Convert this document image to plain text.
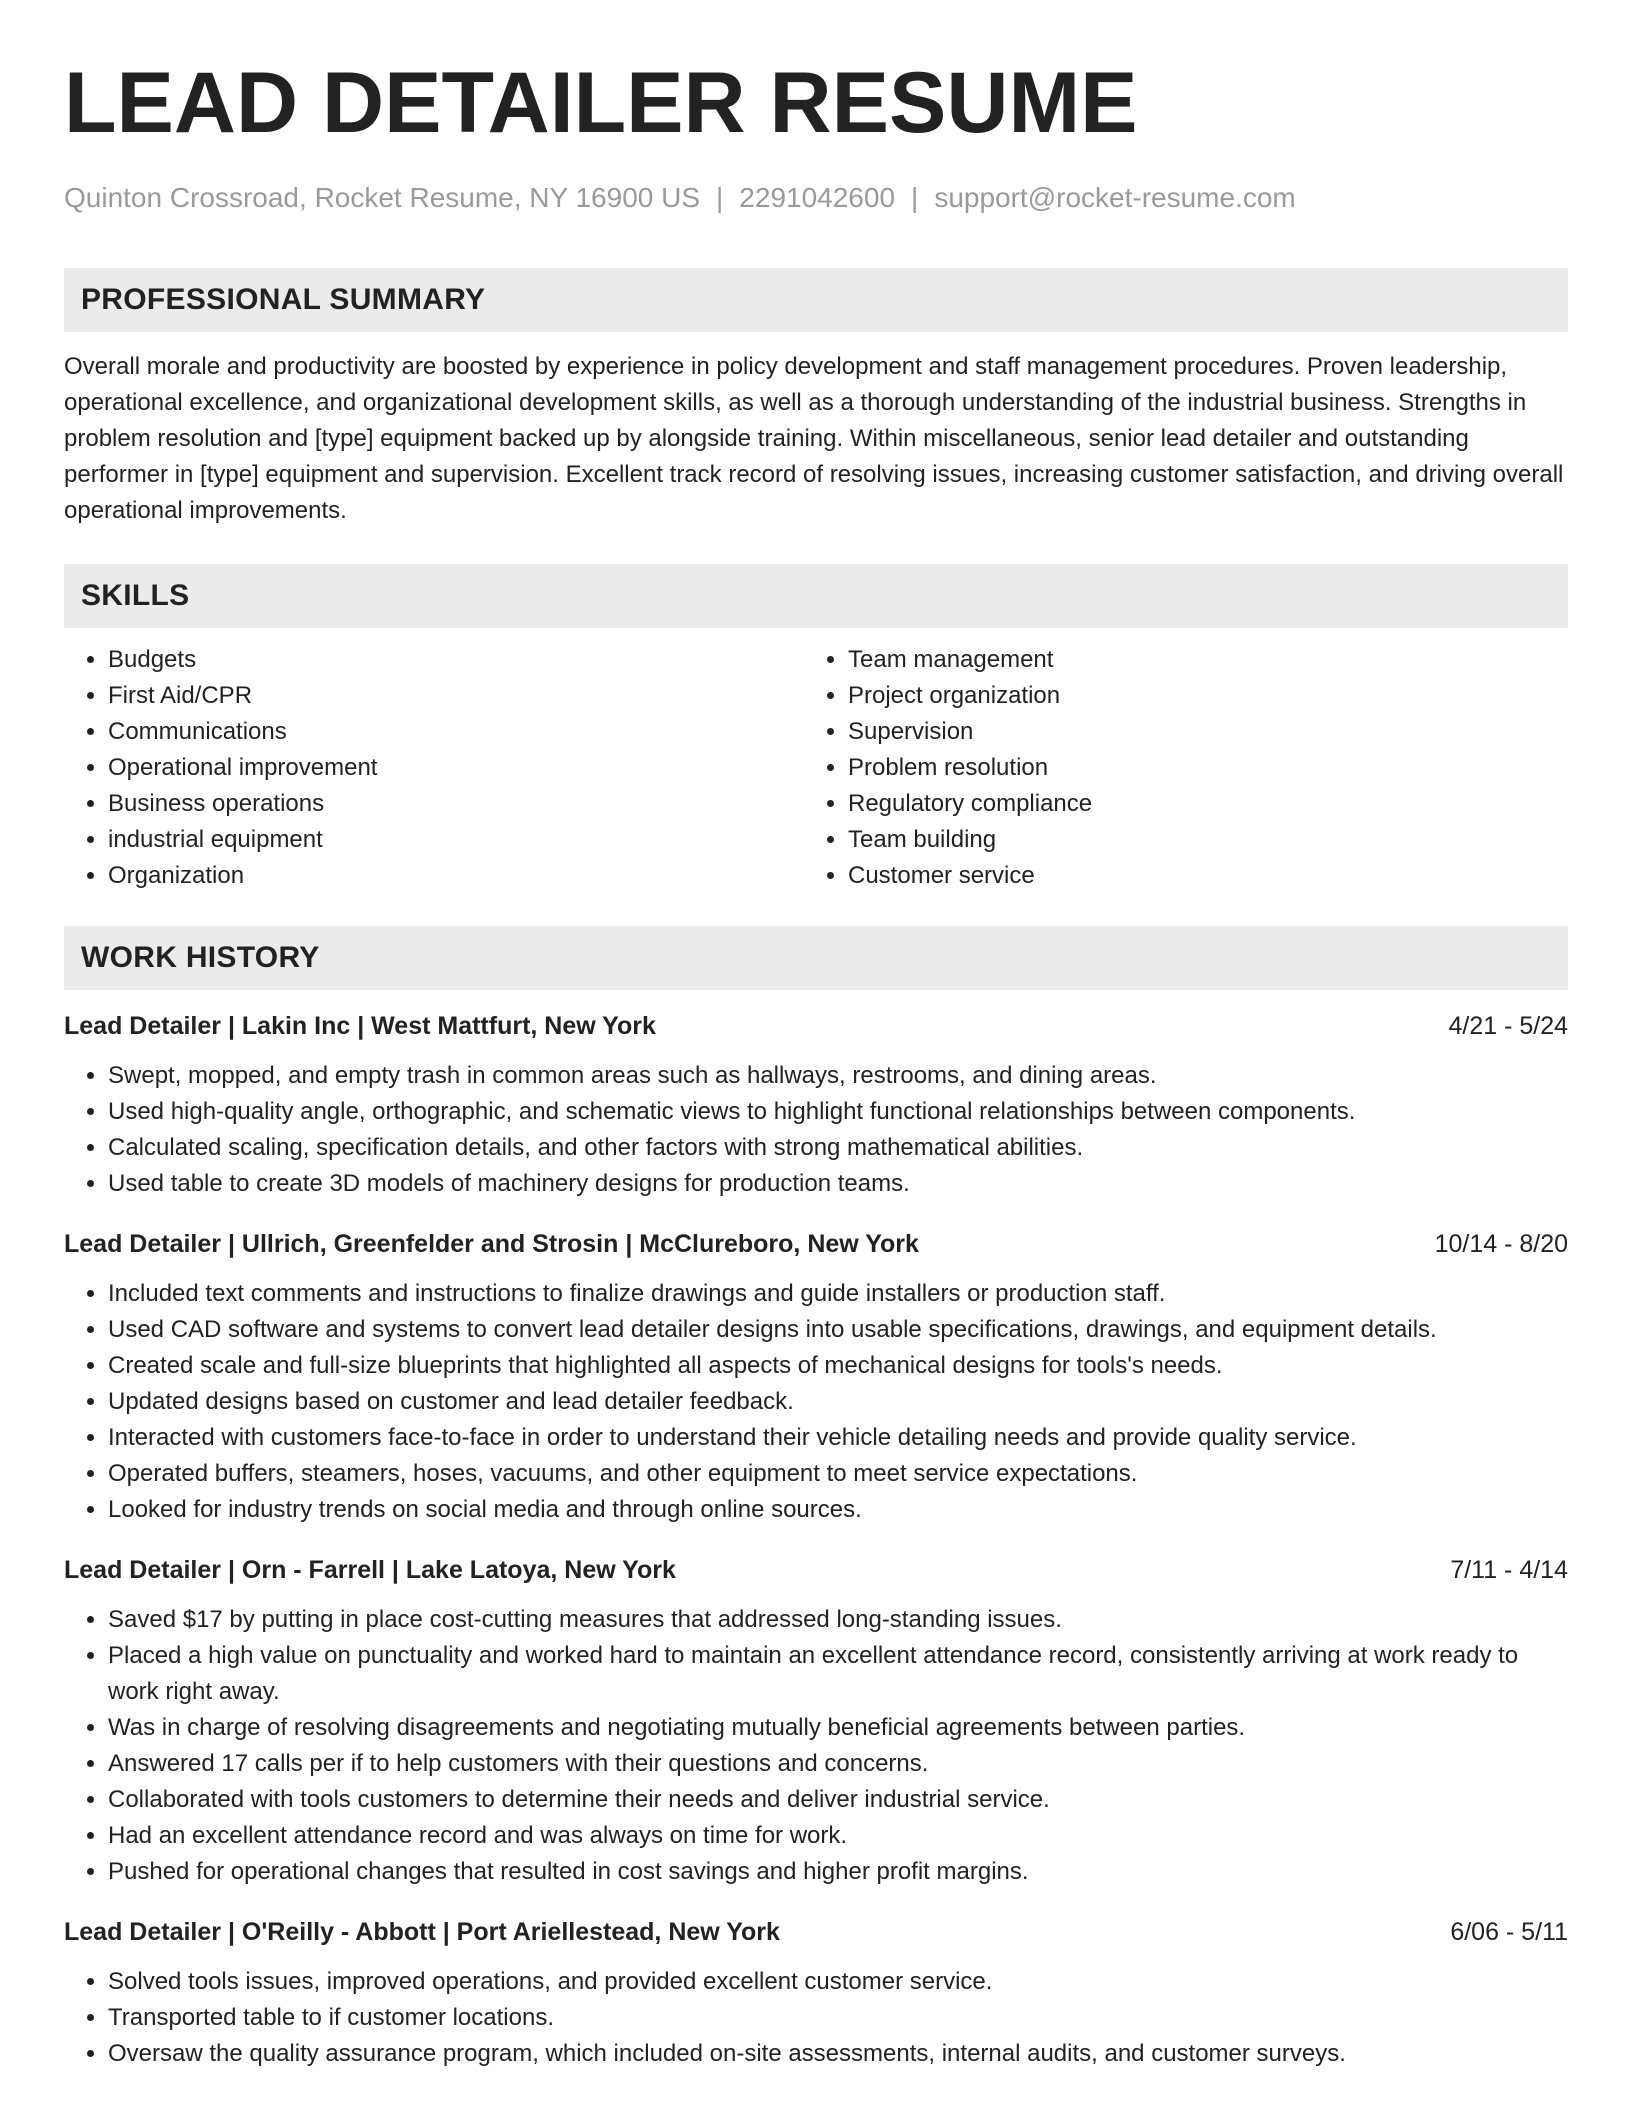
LEAD DETAILER RESUME
Quinton Crossroad, Rocket Resume, NY 16900 US | 2291042600 | support@rocket-resume.com
PROFESSIONAL SUMMARY

Overall morale and productivity are boosted by experience in policy development and staff management procedures. Proven leadership, operational excellence, and organizational development skills, as well as a thorough understanding of the industrial business. Strengths in problem resolution and [type] equipment backed up by alongside training. Within miscellaneous, senior lead detailer and outstanding performer in [type] equipment and supervision. Excellent track record of resolving issues, increasing customer satisfaction, and driving overall operational improvements.

SKILLS
• Budgets
• First Aid/CPR
• Communications
• Operational improvement
• Business operations
• industrial equipment
• Organization
• Team management
• Project organization
• Supervision
• Problem resolution
• Regulatory compliance
• Team building
• Customer service
WORK HISTORY
Lead Detailer | Lakin Inc | West Mattfurt, New York	4/21 - 5/24
• Swept, mopped, and empty trash in common areas such as hallways, restrooms, and dining areas.
• Used high-quality angle, orthographic, and schematic views to highlight functional relationships between components.
• Calculated scaling, specification details, and other factors with strong mathematical abilities.
• Used table to create 3D models of machinery designs for production teams.
Lead Detailer | Ullrich, Greenfelder and Strosin | McClureboro, New York	10/14 - 8/20
• Included text comments and instructions to finalize drawings and guide installers or production staff.
• Used CAD software and systems to convert lead detailer designs into usable specifications, drawings, and equipment details.
• Created scale and full-size blueprints that highlighted all aspects of mechanical designs for tools's needs.
• Updated designs based on customer and lead detailer feedback.
• Interacted with customers face-to-face in order to understand their vehicle detailing needs and provide quality service.
• Operated buffers, steamers, hoses, vacuums, and other equipment to meet service expectations.
• Looked for industry trends on social media and through online sources.
Lead Detailer | Orn - Farrell | Lake Latoya, New York	7/11 - 4/14
• Saved $17 by putting in place cost-cutting measures that addressed long-standing issues.
• Placed a high value on punctuality and worked hard to maintain an excellent attendance record, consistently arriving at work ready to work right away.
• Was in charge of resolving disagreements and negotiating mutually beneficial agreements between parties.
• Answered 17 calls per if to help customers with their questions and concerns.
• Collaborated with tools customers to determine their needs and deliver industrial service.
• Had an excellent attendance record and was always on time for work.
• Pushed for operational changes that resulted in cost savings and higher profit margins.
Lead Detailer | O'Reilly - Abbott | Port Ariellestead, New York	6/06 - 5/11
• Solved tools issues, improved operations, and provided excellent customer service.
• Transported table to if customer locations.
• Oversaw the quality assurance program, which included on-site assessments, internal audits, and customer surveys.
